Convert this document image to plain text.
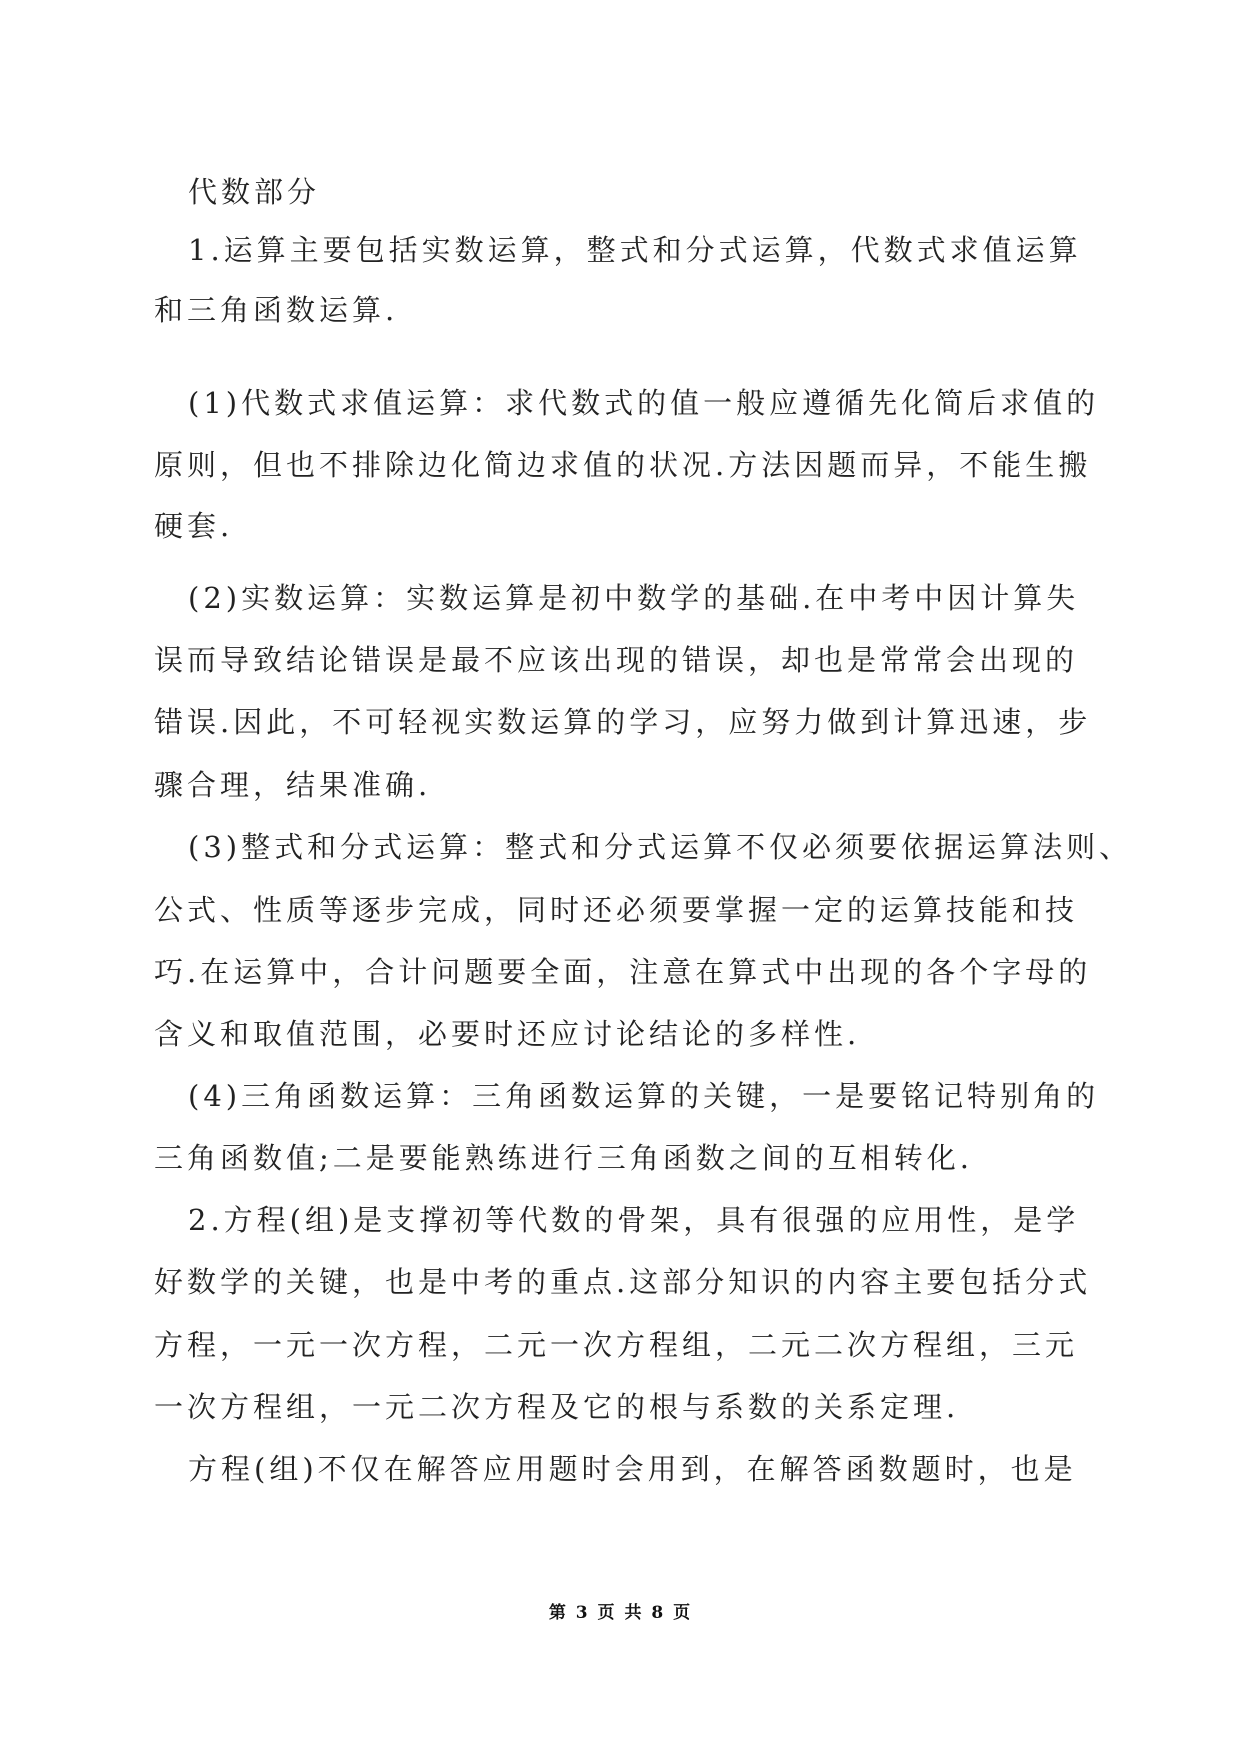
代数部分
1.运算主要包括实数运算，整式和分式运算，代数式求值运算
和三角函数运算.
(1)代数式求值运算：求代数式的值一般应遵循先化简后求值的
原则，但也不排除边化简边求值的状况.方法因题而异，不能生搬
硬套.
(2)实数运算：实数运算是初中数学的基础.在中考中因计算失
误而导致结论错误是最不应该出现的错误，却也是常常会出现的
错误.因此，不可轻视实数运算的学习，应努力做到计算迅速，步
骤合理，结果准确.
(3)整式和分式运算：整式和分式运算不仅必须要依据运算法则、
公式、性质等逐步完成，同时还必须要掌握一定的运算技能和技
巧.在运算中，合计问题要全面，注意在算式中出现的各个字母的
含义和取值范围，必要时还应讨论结论的多样性.
(4)三角函数运算：三角函数运算的关键，一是要铭记特别角的
三角函数值;二是要能熟练进行三角函数之间的互相转化.
2.方程(组)是支撑初等代数的骨架，具有很强的应用性，是学
好数学的关键，也是中考的重点.这部分知识的内容主要包括分式
方程，一元一次方程，二元一次方程组，二元二次方程组，三元
一次方程组，一元二次方程及它的根与系数的关系定理.
方程(组)不仅在解答应用题时会用到，在解答函数题时，也是
第 3 页 共 8 页
